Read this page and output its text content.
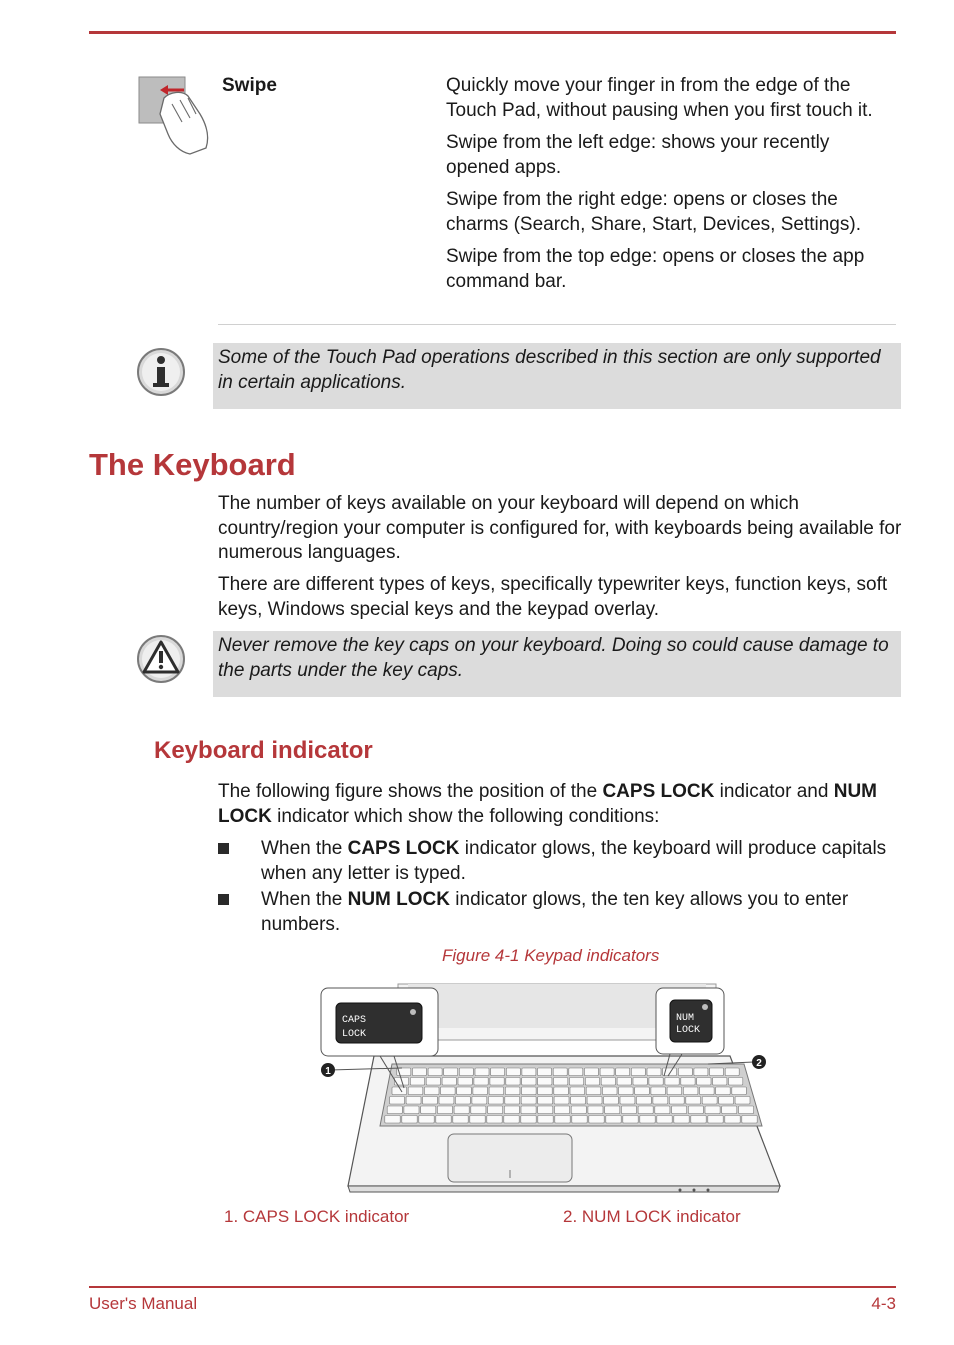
Swipe	Quickly move your finger in from the edge of the Touch Pad, without pausing when you first touch it.

Swipe from the left edge: shows your recently opened apps.

Swipe from the right edge: opens or closes the charms (Search, Share, Start, Devices, Settings).

Swipe from the top edge: opens or closes the app command bar.

Some of the Touch Pad operations described in this section are only supported in certain applications.
The Keyboard
The number of keys available on your keyboard will depend on which country/region your computer is configured for, with keyboards being available for numerous languages.
There are different types of keys, specifically typewriter keys, function keys, soft keys, Windows special keys and the keypad overlay.
Never remove the key caps on your keyboard. Doing so could cause damage to the parts under the key caps.
Keyboard indicator
The following figure shows the position of the CAPS LOCK indicator and NUM LOCK indicator which show the following conditions:
When the CAPS LOCK indicator glows, the keyboard will produce capitals when any letter is typed.
When the NUM LOCK indicator glows, the ten key allows you to enter numbers.
Figure 4-1 Keypad indicators
CAPS
LOCK
1
NUM
LOCK
2
1. CAPS LOCK indicator	2. NUM LOCK indicator
User's Manual	4-3
